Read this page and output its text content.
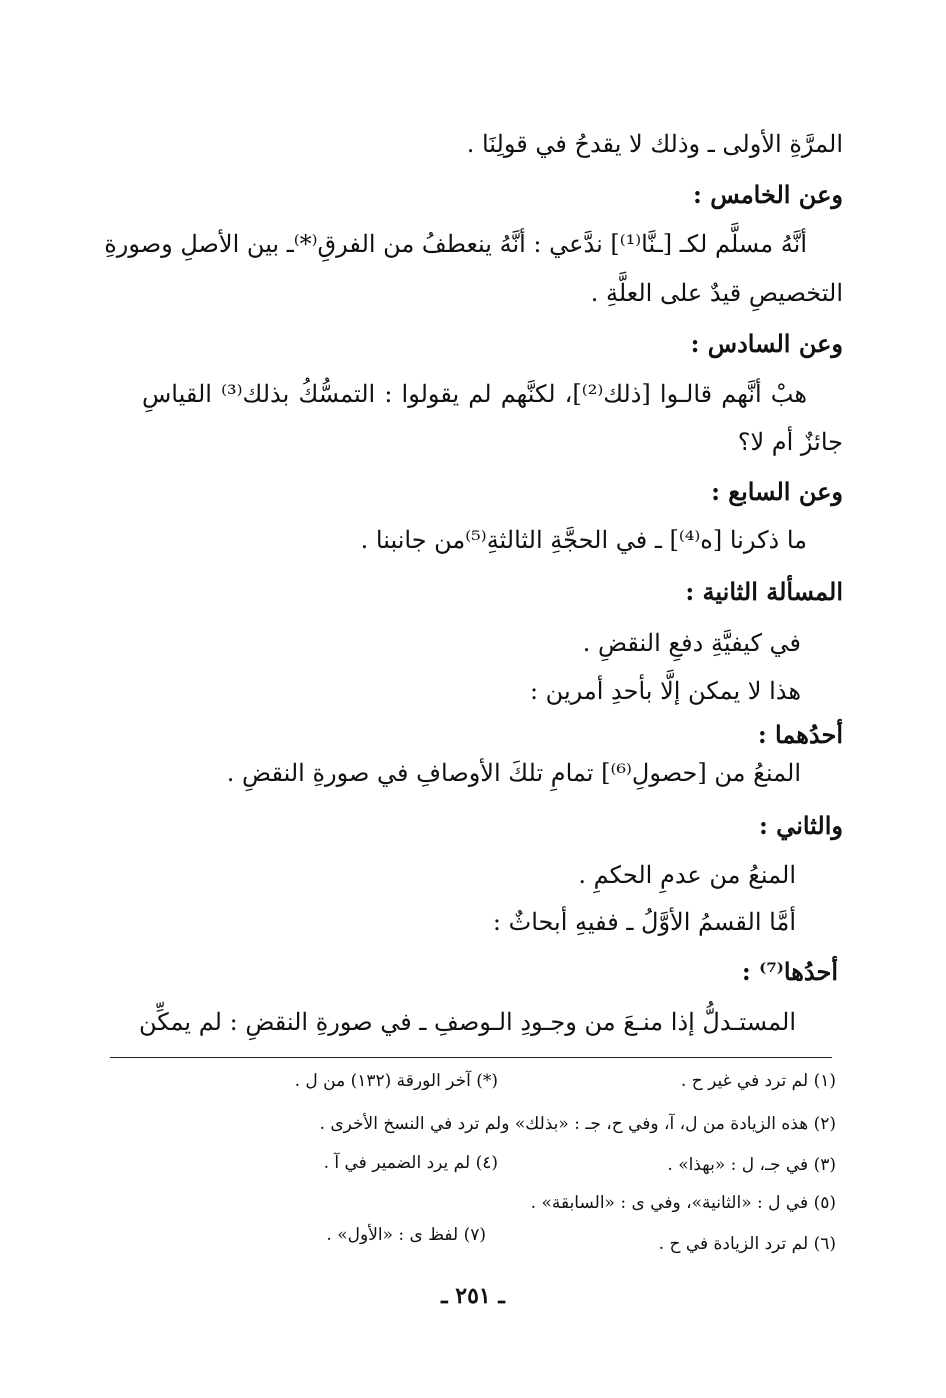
المرَّةِ الأولى ـ وذلك لا يقدحُ في قولِنَا .
وعن الخامس :
أنَّهُ مسلَّم لكـ [ـنَّا⁽¹⁾] ندَّعي : أنَّهُ ينعطفُ من الفرقِ⁽*⁾ـ بين الأصلِ وصورةِ
التخصيصِ قيدٌ على العلَّةِ .
وعن السادس :
هبْ أنَّهم قالـوا [ذلك⁽²⁾]، لكنَّهم لم يقولوا : التمسُّكُ بذلك⁽³⁾ القياسِ
جائزٌ أم لا؟
وعن السابع :
ما ذكرنا [ه⁽⁴⁾] ـ في الحجَّةِ الثالثةِ⁽⁵⁾من جانبنا .
المسألة الثانية :
في كيفيَّةِ دفعِ النقضِ .
هذا لا يمكن إلَّا بأحدِ أمرين :
أحدُهما :
المنعُ من [حصولِ⁽⁶⁾] تمامِ تلكَ الأوصافِ في صورةِ النقضِ .
والثاني :
المنعُ من عدمِ الحكمِ .
أمَّا القسمُ الأوَّلُ ـ ففيهِ أبحاثٌ :
أحدُها⁽⁷⁾ :
المستـدلُّ إذا منـعَ من وجـودِ الـوصفِ ـ في صورةِ النقضِ : لم يمكِّن
(١) لم ترد في غير ح .
(*) آخر الورقة (١٣٢) من ل .
(٢) هذه الزيادة من ل، آ، وفي ح، جـ : «بذلك» ولم ترد في النسخ الأخرى .
(٣) في جـ، ل : «بهذا» .
(٤) لم يرد الضمير في آ .
(٥) في ل : «الثانية»، وفي ى : «السابقة» .
(٦) لم ترد الزيادة في ح .
(٧) لفظ ى : «الأول» .
ـ ٢٥١ ـ
